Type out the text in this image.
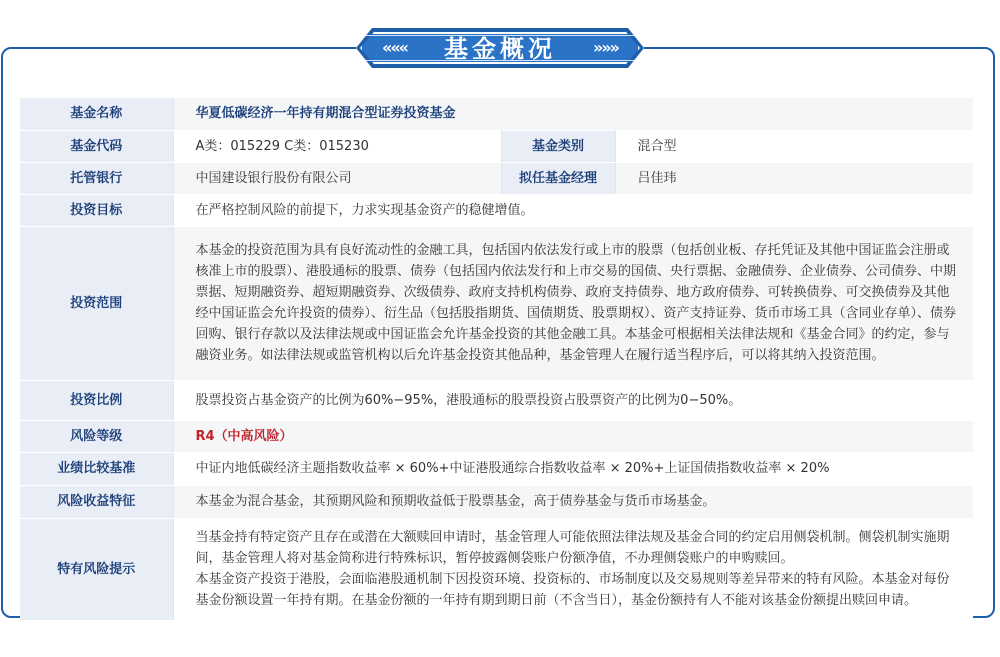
«««	基金概况	»»»
基金名称	华夏低碳经济一年持有期混合型证券投资基金		
基金代码	A类：015229 C类：015230	基金类别	混合型
托管银行	中国建设银行股份有限公司	拟任基金经理	吕佳玮
投资目标	在严格控制风险的前提下，力求实现基金资产的稳健增值。		
投资范围	本基金的投资范围为具有良好流动性的金融工具，包括国内依法发行或上市的股票（包括创业板、存托凭证及其他中国证监会注册或核准上市的股票）、港股通标的股票、债券（包括国内依法发行和上市交易的国债、央行票据、金融债券、企业债券、公司债券、中期票据、短期融资券、超短期融资券、次级债券、政府支持机构债券、政府支持债券、地方政府债券、可转换债券、可交换债券及其他经中国证监会允许投资的债券）、衍生品（包括股指期货、国债期货、股票期权）、资产支持证券、货币市场工具（含同业存单）、债券回购、银行存款以及法律法规或中国证监会允许基金投资的其他金融工具。本基金可根据相关法律法规和《基金合同》的约定，参与融资业务。如法律法规或监管机构以后允许基金投资其他品种，基金管理人在履行适当程序后，可以将其纳入投资范围。		
投资比例	股票投资占基金资产的比例为60%−95%，港股通标的股票投资占股票资产的比例为0−50%。		
风险等级	R4（中高风险）		
业绩比较基准	中证内地低碳经济主题指数收益率 × 60%+中证港股通综合指数收益率 × 20%+上证国债指数收益率 × 20%		
风险收益特征	本基金为混合基金，其预期风险和预期收益低于股票基金，高于债券基金与货币市场基金。		
特有风险提示	当基金持有特定资产且存在或潜在大额赎回申请时，基金管理人可能依照法律法规及基金合同的约定启用侧袋机制。侧袋机制实施期间，基金管理人将对基金简称进行特殊标识，暂停披露侧袋账户份额净值，不办理侧袋账户的申购赎回。
本基金资产投资于港股，会面临港股通机制下因投资环境、投资标的、市场制度以及交易规则等差异带来的特有风险。本基金对每份基金份额设置一年持有期。在基金份额的一年持有期到期日前（不含当日），基金份额持有人不能对该基金份额提出赎回申请。		
